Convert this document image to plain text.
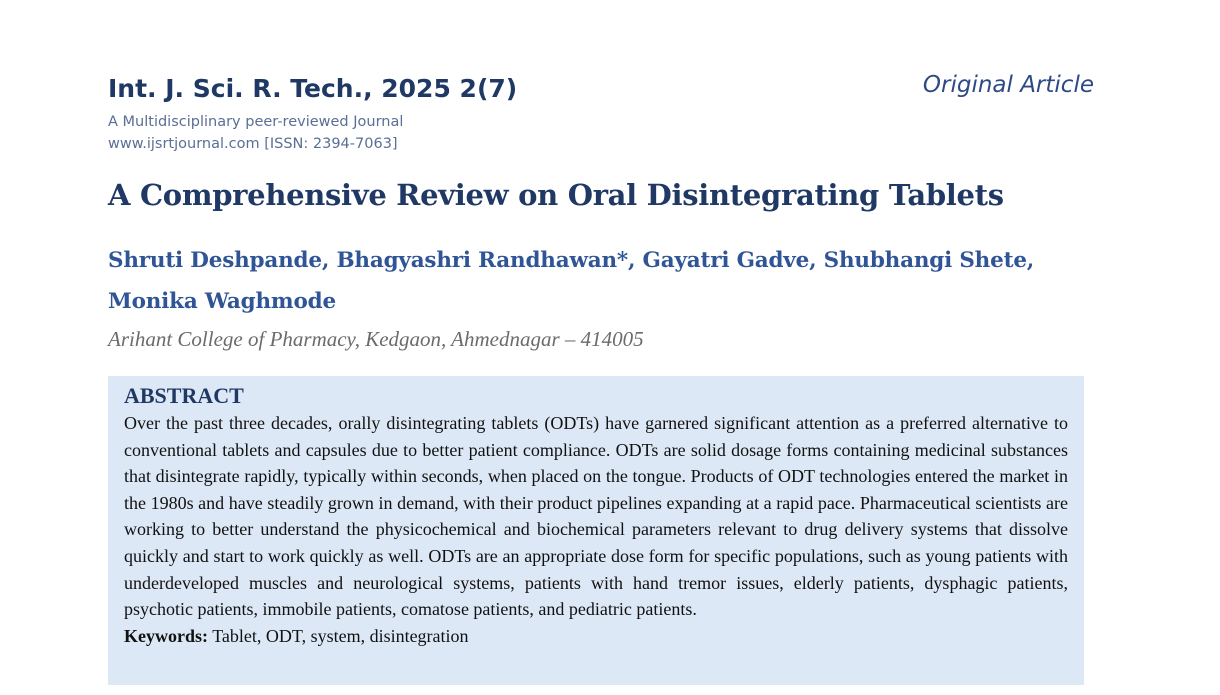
Int. J. Sci. R. Tech., 2025 2(7)	Original Article
A Multidisciplinary peer-reviewed Journal
www.ijsrtjournal.com [ISSN: 2394-7063]
A Comprehensive Review on Oral Disintegrating Tablets
Shruti Deshpande, Bhagyashri Randhawan*, Gayatri Gadve, Shubhangi Shete, Monika Waghmode
Arihant College of Pharmacy, Kedgaon, Ahmednagar – 414005
ABSTRACT

Over the past three decades, orally disintegrating tablets (ODTs) have garnered significant attention as a preferred alternative to conventional tablets and capsules due to better patient compliance. ODTs are solid dosage forms containing medicinal substances that disintegrate rapidly, typically within seconds, when placed on the tongue. Products of ODT technologies entered the market in the 1980s and have steadily grown in demand, with their product pipelines expanding at a rapid pace. Pharmaceutical scientists are working to better understand the physicochemical and biochemical parameters relevant to drug delivery systems that dissolve quickly and start to work quickly as well. ODTs are an appropriate dose form for specific populations, such as young patients with underdeveloped muscles and neurological systems, patients with hand tremor issues, elderly patients, dysphagic patients, psychotic patients, immobile patients, comatose patients, and pediatric patients.

Keywords: Tablet, ODT, system, disintegration
